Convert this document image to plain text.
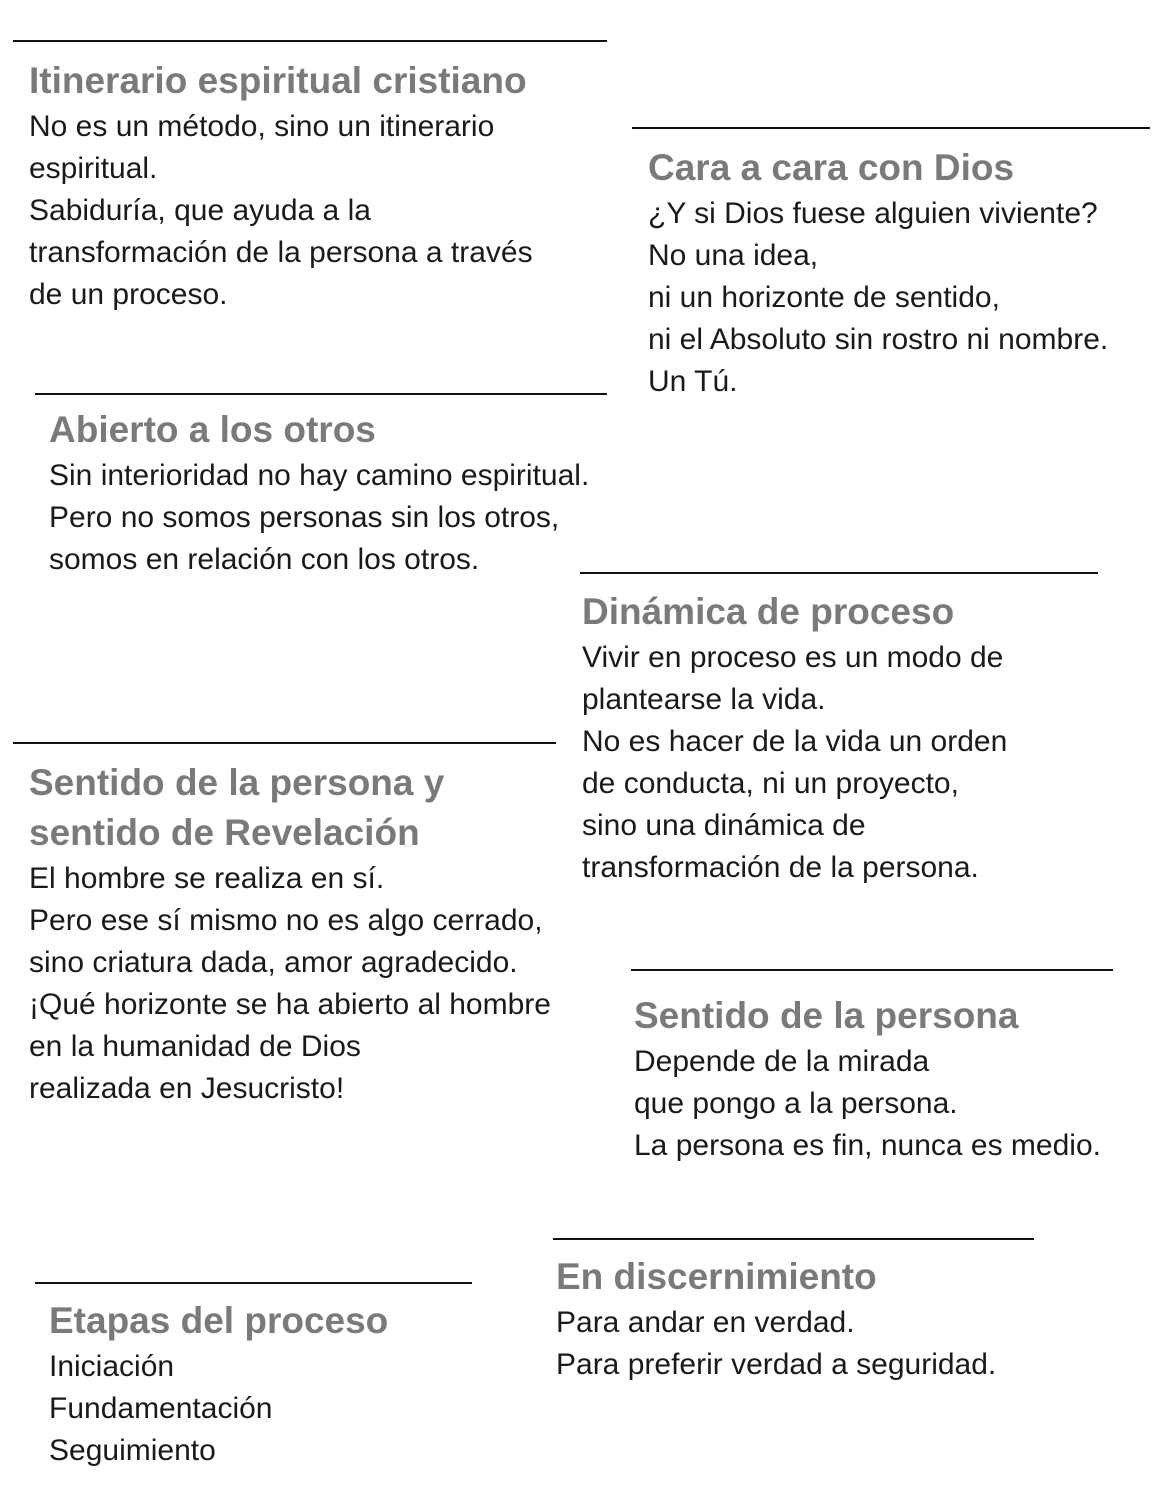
Itinerario espiritual cristiano
No es un método, sino un itinerario
espiritual.
Sabiduría, que ayuda a la
transformación de la persona a través
de un proceso.
Cara a cara con Dios
¿Y si Dios fuese alguien viviente?
No una idea,
ni un horizonte de sentido,
ni el Absoluto sin rostro ni nombre.
Un Tú.
Abierto a los otros
Sin interioridad no hay camino espiritual.
Pero no somos personas sin los otros,
somos en relación con los otros.
Dinámica de proceso
Vivir en proceso es un modo de
plantearse la vida.
No es hacer de la vida un orden
de conducta, ni un proyecto,
sino una dinámica de
transformación de la persona.
Sentido de la persona y
sentido de Revelación
El hombre se realiza en sí.
Pero ese sí mismo no es algo cerrado,
sino criatura dada, amor agradecido.
¡Qué horizonte se ha abierto al hombre
en la humanidad de Dios
realizada en Jesucristo!
Sentido de la persona
Depende de la mirada
que pongo a la persona.
La persona es fin, nunca es medio.
En discernimiento
Para andar en verdad.
Para preferir verdad a seguridad.
Etapas del proceso
Iniciación
Fundamentación
Seguimiento
